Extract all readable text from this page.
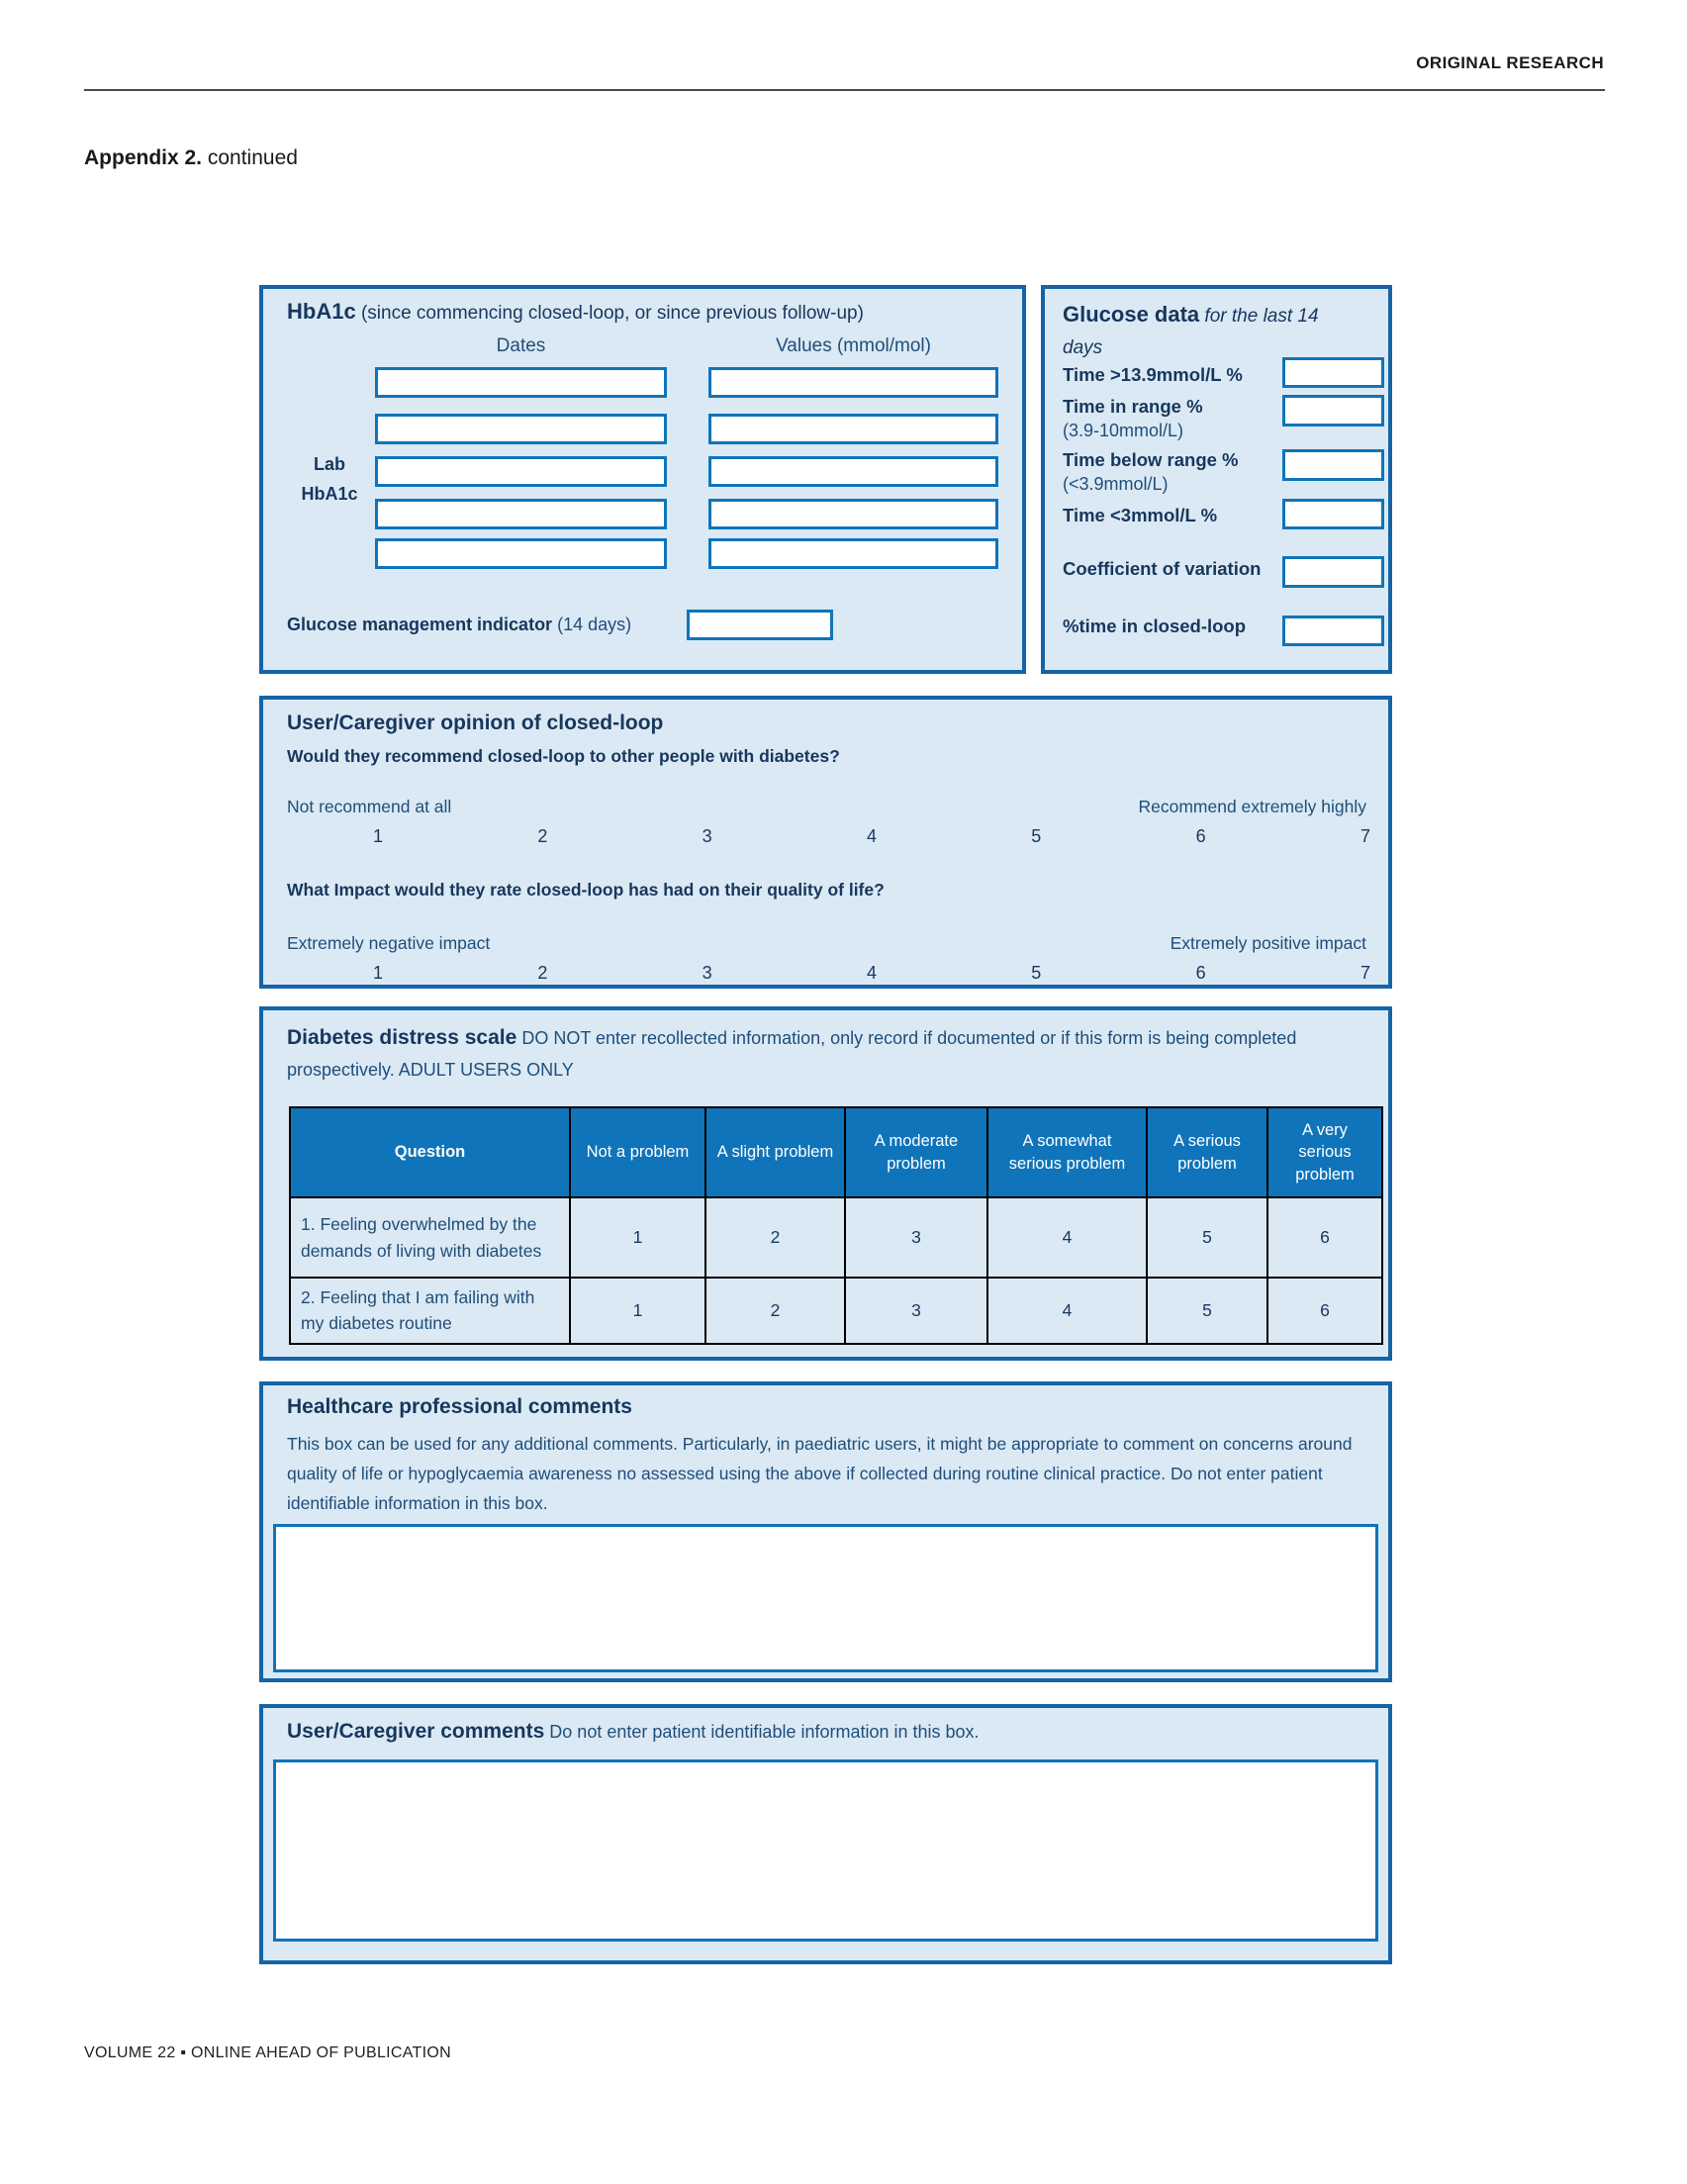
ORIGINAL RESEARCH
Appendix 2. continued
HbA1c (since commencing closed-loop, or since previous follow-up)
Dates	Values (mmol/mol)
Lab
HbA1c
Glucose management indicator (14 days)
Glucose data for the last 14 days
Time >13.9mmol/L %
Time in range %
(3.9-10mmol/L)
Time below range %
(<3.9mmol/L)
Time <3mmol/L %
Coefficient of variation
%time in closed-loop
User/Caregiver opinion of closed-loop
Would they recommend closed-loop to other people with diabetes?
Not recommend at all	Recommend extremely highly
1	2	3	4	5	6	7
What Impact would they rate closed-loop has had on their quality of life?
Extremely negative impact	Extremely positive impact
1	2	3	4	5	6	7
Diabetes distress scale DO NOT enter recollected information, only record if documented or if this form is being completed prospectively. ADULT USERS ONLY
Question	Not a problem	A slight problem	A moderate problem	A somewhat serious problem	A serious problem	A very serious problem
1. Feeling overwhelmed by the demands of living with diabetes	1	2	3	4	5	6
2. Feeling that I am failing with my diabetes routine	1	2	3	4	5	6
Healthcare professional comments
This box can be used for any additional comments. Particularly, in paediatric users, it might be appropriate to comment on concerns around quality of life or hypoglycaemia awareness no assessed using the above if collected during routine clinical practice. Do not enter patient identifiable information in this box.
User/Caregiver comments Do not enter patient identifiable information in this box.
VOLUME 22 ▪ ONLINE AHEAD OF PUBLICATION
